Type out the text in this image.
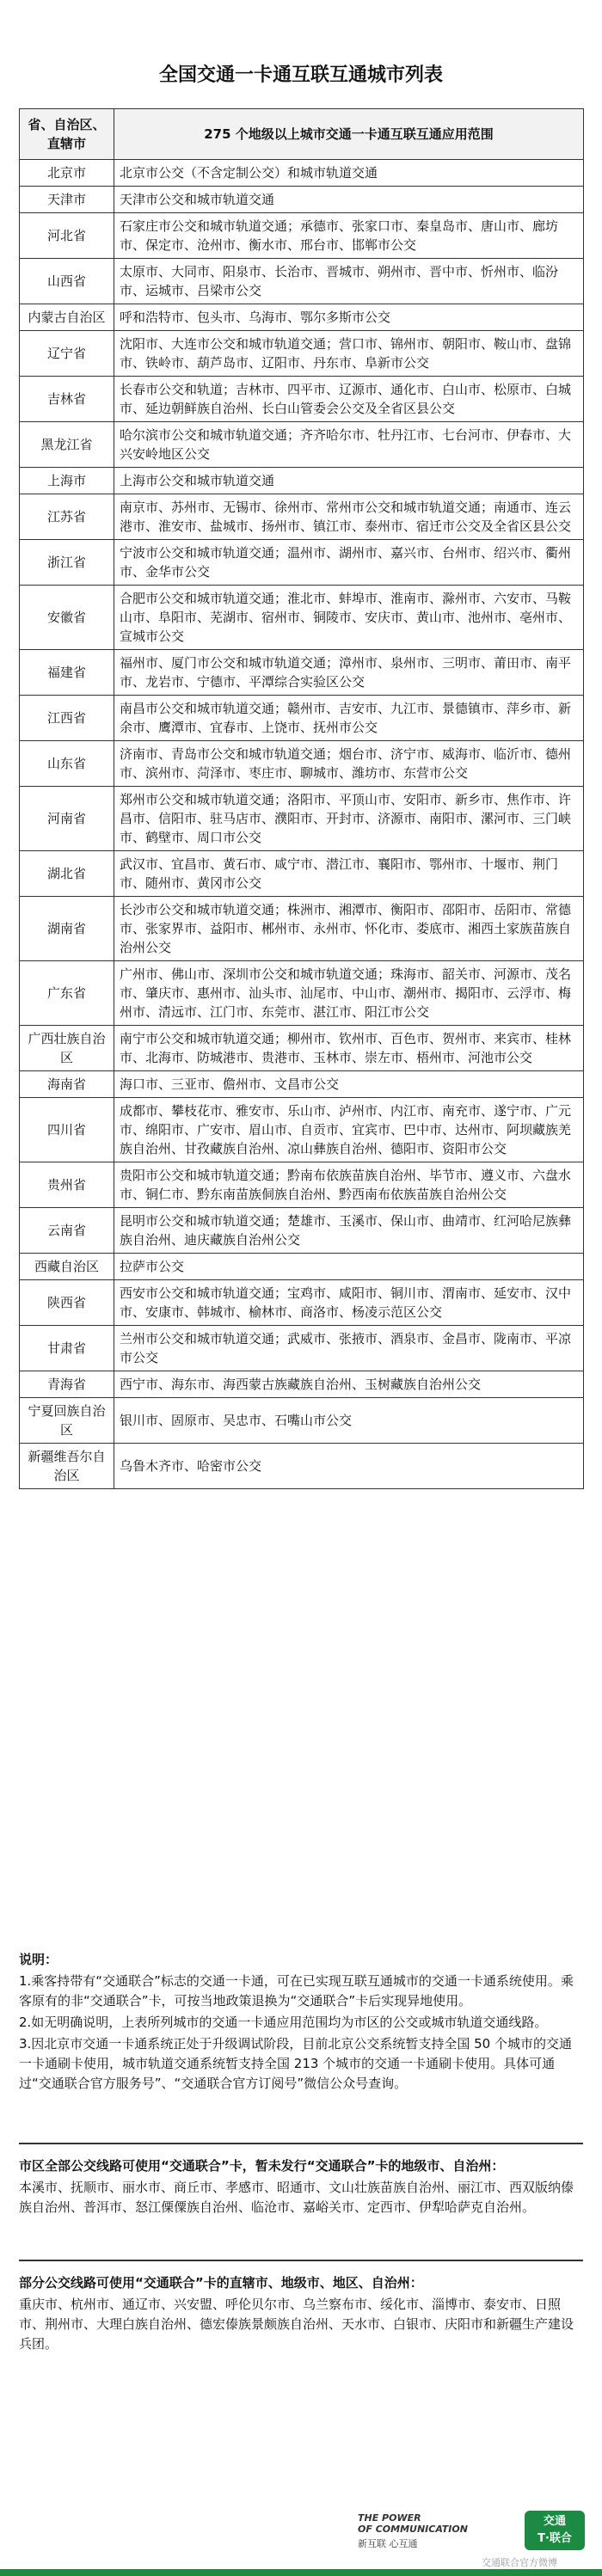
全国交通一卡通互联互通城市列表
省、自治区、直辖市	275 个地级以上城市交通一卡通互联互通应用范围
北京市	北京市公交（不含定制公交）和城市轨道交通
天津市	天津市公交和城市轨道交通
河北省	石家庄市公交和城市轨道交通；承德市、张家口市、秦皇岛市、唐山市、廊坊市、保定市、沧州市、衡水市、邢台市、邯郸市公交
山西省	太原市、大同市、阳泉市、长治市、晋城市、朔州市、晋中市、忻州市、临汾市、运城市、吕梁市公交
内蒙古自治区	呼和浩特市、包头市、乌海市、鄂尔多斯市公交
辽宁省	沈阳市、大连市公交和城市轨道交通；营口市、锦州市、朝阳市、鞍山市、盘锦市、铁岭市、葫芦岛市、辽阳市、丹东市、阜新市公交
吉林省	长春市公交和轨道；吉林市、四平市、辽源市、通化市、白山市、松原市、白城市、延边朝鲜族自治州、长白山管委会公交及全省区县公交
黑龙江省	哈尔滨市公交和城市轨道交通；齐齐哈尔市、牡丹江市、七台河市、伊春市、大兴安岭地区公交
上海市	上海市公交和城市轨道交通
江苏省	南京市、苏州市、无锡市、徐州市、常州市公交和城市轨道交通；南通市、连云港市、淮安市、盐城市、扬州市、镇江市、泰州市、宿迁市公交及全省区县公交
浙江省	宁波市公交和城市轨道交通；温州市、湖州市、嘉兴市、台州市、绍兴市、衢州市、金华市公交
安徽省	合肥市公交和城市轨道交通；淮北市、蚌埠市、淮南市、滁州市、六安市、马鞍山市、阜阳市、芜湖市、宿州市、铜陵市、安庆市、黄山市、池州市、亳州市、宣城市公交
福建省	福州市、厦门市公交和城市轨道交通；漳州市、泉州市、三明市、莆田市、南平市、龙岩市、宁德市、平潭综合实验区公交
江西省	南昌市公交和城市轨道交通；赣州市、吉安市、九江市、景德镇市、萍乡市、新余市、鹰潭市、宜春市、上饶市、抚州市公交
山东省	济南市、青岛市公交和城市轨道交通；烟台市、济宁市、威海市、临沂市、德州市、滨州市、菏泽市、枣庄市、聊城市、潍坊市、东营市公交
河南省	郑州市公交和城市轨道交通；洛阳市、平顶山市、安阳市、新乡市、焦作市、许昌市、信阳市、驻马店市、濮阳市、开封市、济源市、南阳市、漯河市、三门峡市、鹤壁市、周口市公交
湖北省	武汉市、宜昌市、黄石市、咸宁市、潜江市、襄阳市、鄂州市、十堰市、荆门市、随州市、黄冈市公交
湖南省	长沙市公交和城市轨道交通；株洲市、湘潭市、衡阳市、邵阳市、岳阳市、常德市、张家界市、益阳市、郴州市、永州市、怀化市、娄底市、湘西土家族苗族自治州公交
广东省	广州市、佛山市、深圳市公交和城市轨道交通；珠海市、韶关市、河源市、茂名市、肇庆市、惠州市、汕头市、汕尾市、中山市、潮州市、揭阳市、云浮市、梅州市、清远市、江门市、东莞市、湛江市、阳江市公交
广西壮族自治区	南宁市公交和城市轨道交通；柳州市、钦州市、百色市、贺州市、来宾市、桂林市、北海市、防城港市、贵港市、玉林市、崇左市、梧州市、河池市公交
海南省	海口市、三亚市、儋州市、文昌市公交
四川省	成都市、攀枝花市、雅安市、乐山市、泸州市、内江市、南充市、遂宁市、广元市、绵阳市、广安市、眉山市、自贡市、宜宾市、巴中市、达州市、阿坝藏族羌族自治州、甘孜藏族自治州、凉山彝族自治州、德阳市、资阳市公交
贵州省	贵阳市公交和城市轨道交通；黔南布依族苗族自治州、毕节市、遵义市、六盘水市、铜仁市、黔东南苗族侗族自治州、黔西南布依族苗族自治州公交
云南省	昆明市公交和城市轨道交通；楚雄市、玉溪市、保山市、曲靖市、红河哈尼族彝族自治州、迪庆藏族自治州公交
西藏自治区	拉萨市公交
陕西省	西安市公交和城市轨道交通；宝鸡市、咸阳市、铜川市、渭南市、延安市、汉中市、安康市、韩城市、榆林市、商洛市、杨凌示范区公交
甘肃省	兰州市公交和城市轨道交通；武威市、张掖市、酒泉市、金昌市、陇南市、平凉市公交
青海省	西宁市、海东市、海西蒙古族藏族自治州、玉树藏族自治州公交
宁夏回族自治区	银川市、固原市、吴忠市、石嘴山市公交
新疆维吾尔自治区	乌鲁木齐市、哈密市公交

说明：

1.乘客持带有“交通联合”标志的交通一卡通，可在已实现互联互通城市的交通一卡通系统使用。乘客原有的非“交通联合”卡，可按当地政策退换为“交通联合”卡后实现异地使用。

2.如无明确说明，上表所列城市的交通一卡通应用范围均为市区的公交或城市轨道交通线路。

3.因北京市交通一卡通系统正处于升级调试阶段，目前北京公交系统暂支持全国 50 个城市的交通一卡通刷卡使用，城市轨道交通系统暂支持全国 213 个城市的交通一卡通刷卡使用。具体可通过“交通联合官方服务号”、“交通联合官方订阅号”微信公众号查询。

市区全部公交线路可使用“交通联合”卡，暂未发行“交通联合”卡的地级市、自治州：
本溪市、抚顺市、丽水市、商丘市、孝感市、昭通市、文山壮族苗族自治州、丽江市、西双版纳傣族自治州、普洱市、怒江傈僳族自治州、临沧市、嘉峪关市、定西市、伊犁哈萨克自治州。
部分公交线路可使用“交通联合”卡的直辖市、地级市、地区、自治州：
重庆市、杭州市、通辽市、兴安盟、呼伦贝尔市、乌兰察布市、绥化市、淄博市、泰安市、日照市、荆州市、大理白族自治州、德宏傣族景颇族自治州、天水市、白银市、庆阳市和新疆生产建设兵团。
THE POWER
OF COMMUNICATION
新互联 心互通
交通
T·联合
交通联合官方微博
